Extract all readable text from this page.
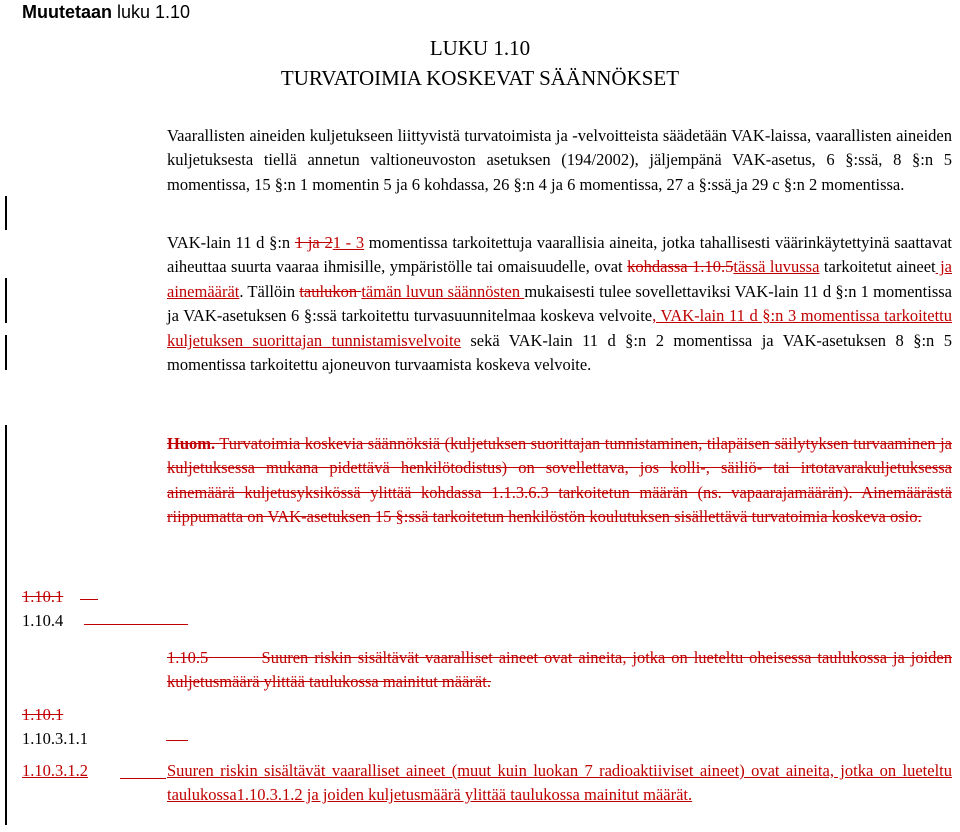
Muutetaan luku 1.10
LUKU 1.10
TURVATOIMIA KOSKEVAT SÄÄNNÖKSET

Vaarallisten aineiden kuljetukseen liittyvistä turvatoimista ja -velvoitteista säädetään VAK-laissa, vaarallisten aineiden kuljetuksesta tiellä annetun valtioneuvoston asetuksen (194/2002), jäljempänä VAK-asetus, 6 §:ssä, 8 §:n 5 momentissa, 15 §:n 1 momentin 5 ja 6 kohdassa, 26 §:n 4 ja 6 momentissa, 27 a §:ssä ja 29 c §:n 2 momentissa.

VAK-lain 11 d §:n 1 ja 21 - 3 momentissa tarkoitettuja vaarallisia aineita, jotka tahallisesti väärinkäytettyinä saattavat aiheuttaa suurta vaaraa ihmisille, ympäristölle tai omaisuudelle, ovat kohdassa 1.10.5tässä luvussa tarkoitetut aineet ja ainemäärät. Tällöin taulukon tämän luvun säännösten mukaisesti tulee sovellettaviksi VAK-lain 11 d §:n 1 momentissa ja VAK-asetuksen 6 §:ssä tarkoitettu turvasuunnitelmaa koskeva velvoite, VAK-lain 11 d §:n 3 momentissa tarkoitettu kuljetuksen suorittajan tunnistamisvelvoite sekä VAK-lain 11 d §:n 2 momentissa ja VAK-asetuksen 8 §:n 5 momentissa tarkoitettu ajoneuvon turvaamista koskeva velvoite.

Huom. Turvatoimia koskevia säännöksiä (kuljetuksen suorittajan tunnistaminen, tilapäisen säilytyksen turvaaminen ja kuljetuksessa mukana pidettävä henkilötodistus) on sovellettava, jos kolli-, säiliö- tai irtotavarakuljetuksessa ainemäärä kuljetusyksikössä ylittää kohdassa 1.1.3.6.3 tarkoitetun määrän (ns. vapaarajamäärän). Ainemäärästä riippumatta on VAK-asetuksen 15 §:ssä tarkoitetun henkilöstön koulutuksen sisällettävä turvatoimia koskeva osio.

1.10.1
1.10.4
1.10.1
1.10.3.1.1

1.10.5	Suuren riskin sisältävät vaaralliset aineet ovat aineita, jotka on lueteltu oheisessa taulukossa ja joiden kuljetusmäärä ylittää taulukossa mainitut määrät.

1.10.3.1.2	Suuren riskin sisältävät vaaralliset aineet (muut kuin luokan 7 radioaktiiviset aineet) ovat aineita, jotka on lueteltu taulukossa1.10.3.1.2 ja joiden kuljetusmäärä ylittää taulukossa mainitut määrät.
